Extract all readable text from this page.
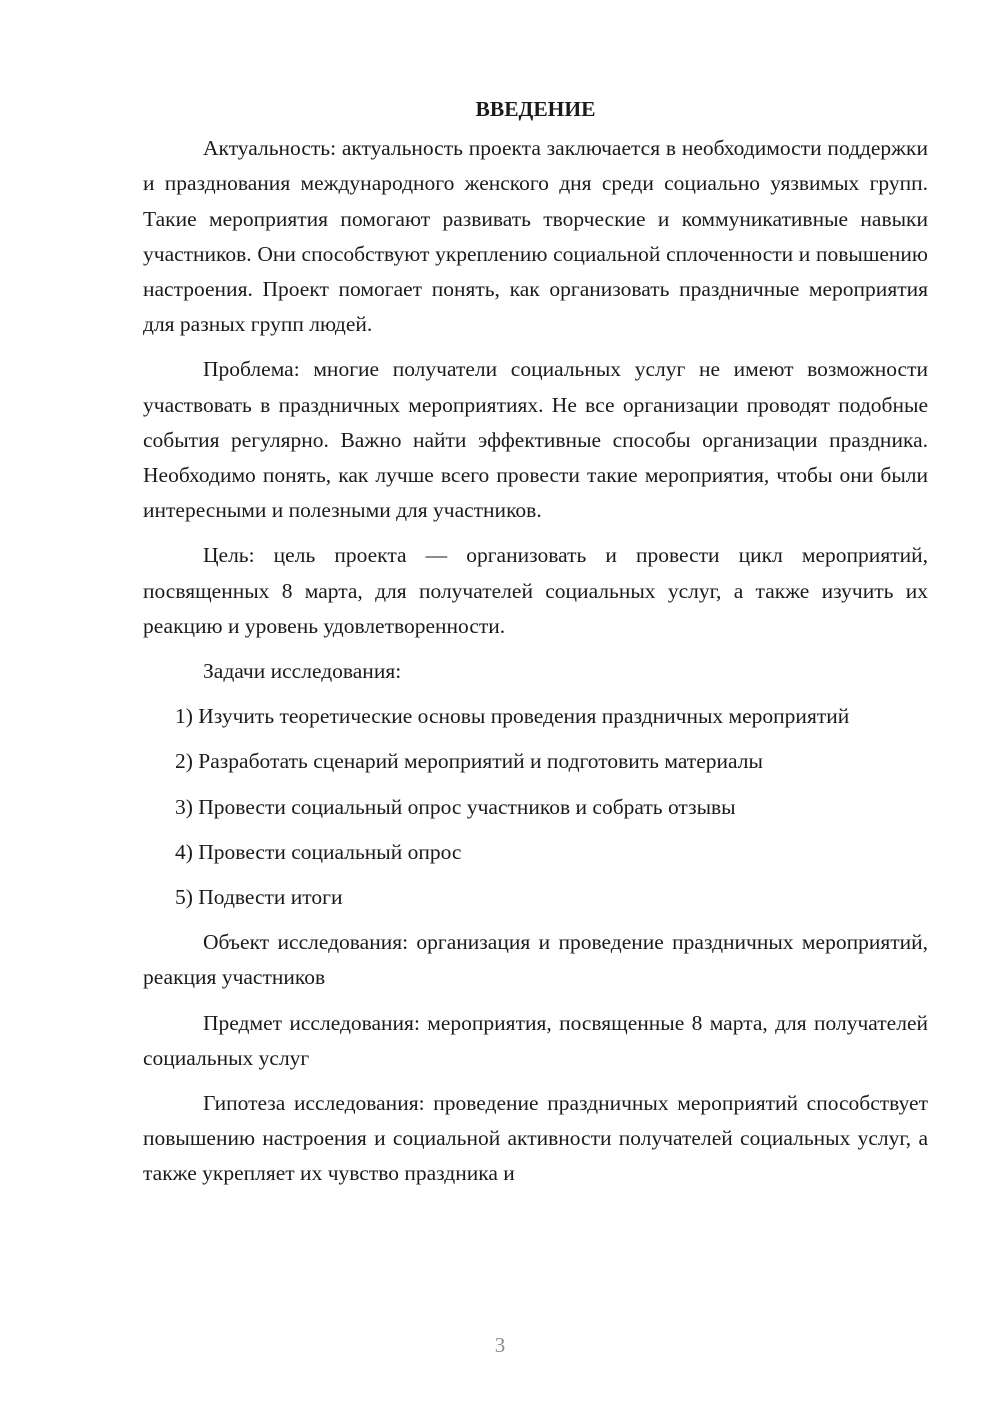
ВВЕДЕНИЕ

Актуальность: актуальность проекта заключается в необходимости поддержки и празднования международного женского дня среди социально уязвимых групп. Такие мероприятия помогают развивать творческие и коммуникативные навыки участников. Они способствуют укреплению социальной сплоченности и повышению настроения. Проект помогает понять, как организовать праздничные мероприятия для разных групп людей.

Проблема: многие получатели социальных услуг не имеют возможности участвовать в праздничных мероприятиях. Не все организации проводят подобные события регулярно. Важно найти эффективные способы организации праздника. Необходимо понять, как лучше всего провести такие мероприятия, чтобы они были интересными и полезными для участников.

Цель: цель проекта — организовать и провести цикл мероприятий, посвященных 8 марта, для получателей социальных услуг, а также изучить их реакцию и уровень удовлетворенности.

Задачи исследования:

1) Изучить теоретические основы проведения праздничных мероприятий

2) Разработать сценарий мероприятий и подготовить материалы

3) Провести социальный опрос участников и собрать отзывы

4) Провести социальный опрос

5) Подвести итоги

Объект исследования: организация и проведение праздничных мероприятий, реакция участников

Предмет исследования: мероприятия, посвященные 8 марта, для получателей социальных услуг

Гипотеза исследования: проведение праздничных мероприятий способствует повышению настроения и социальной активности получателей социальных услуг, а также укрепляет их чувство праздника и

3
